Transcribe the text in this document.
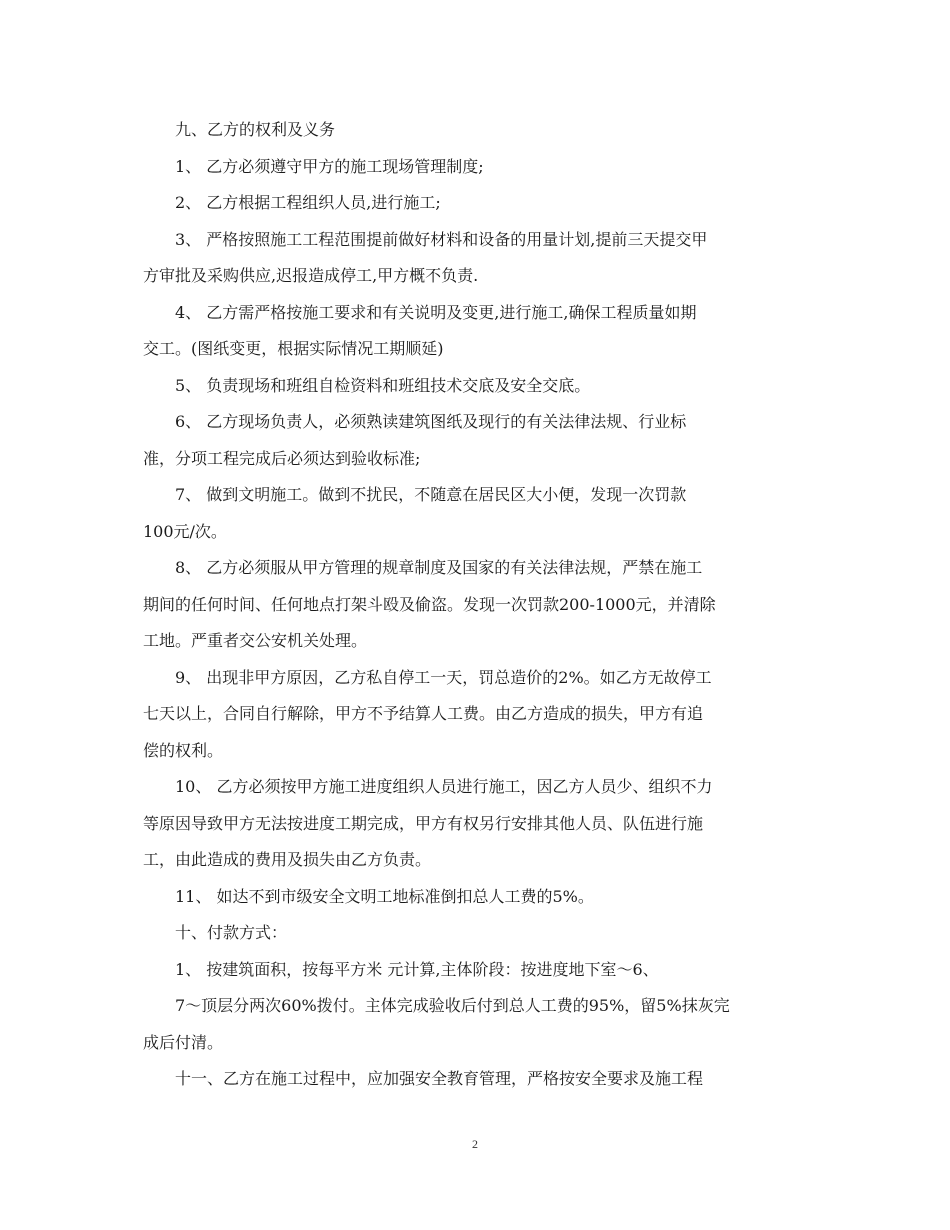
九、乙方的权利及义务
1、 乙方必须遵守甲方的施工现场管理制度;
2、 乙方根据工程组织人员,进行施工;
3、 严格按照施工工程范围提前做好材料和设备的用量计划,提前三天提交甲
方审批及采购供应,迟报造成停工,甲方概不负责.
4、 乙方需严格按施工要求和有关说明及变更,进行施工,确保工程质量如期
交工。(图纸变更，根据实际情况工期顺延)
5、 负责现场和班组自检资料和班组技术交底及安全交底。
6、 乙方现场负责人，必须熟读建筑图纸及现行的有关法律法规、行业标
准，分项工程完成后必须达到验收标准;
7、 做到文明施工。做到不扰民，不随意在居民区大小便，发现一次罚款
100元/次。
8、 乙方必须服从甲方管理的规章制度及国家的有关法律法规，严禁在施工
期间的任何时间、任何地点打架斗殴及偷盗。发现一次罚款200-1000元，并清除
工地。严重者交公安机关处理。
9、 出现非甲方原因，乙方私自停工一天，罚总造价的2%。如乙方无故停工
七天以上，合同自行解除，甲方不予结算人工费。由乙方造成的损失，甲方有追
偿的权利。
10、 乙方必须按甲方施工进度组织人员进行施工，因乙方人员少、组织不力
等原因导致甲方无法按进度工期完成，甲方有权另行安排其他人员、队伍进行施
工，由此造成的费用及损失由乙方负责。
11、 如达不到市级安全文明工地标准倒扣总人工费的5%。
十、付款方式：
1、 按建筑面积，按每平方米 元计算,主体阶段：按进度地下室～6、
7～顶层分两次60%拨付。主体完成验收后付到总人工费的95%，留5%抹灰完
成后付清。
十一、乙方在施工过程中，应加强安全教育管理，严格按安全要求及施工程
2
